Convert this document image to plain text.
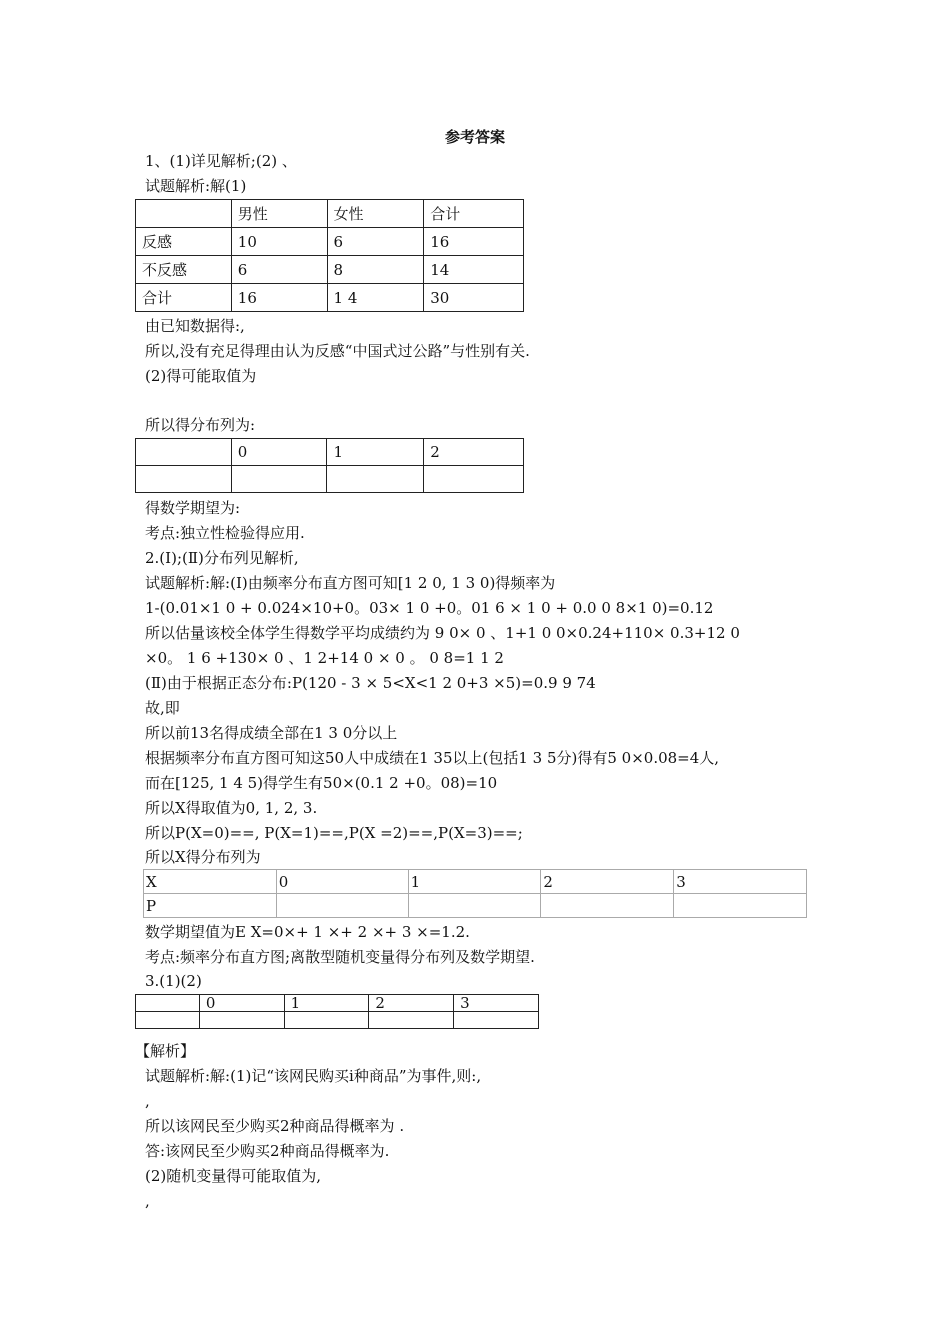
参考答案
1、(1)详见解析;(2) 、
试题解析:解(1)
	男性	女性	合计
反感	10	6	16
不反感	6	8	14
合计	16	1 4	30
由已知数据得:,
所以,没有充足得理由认为反感“中国式过公路”与性别有关.
(2)得可能取值为
所以得分布列为:
	0	1	2

得数学期望为:
考点:独立性检验得应用.
2.(Ⅰ);(Ⅱ)分布列见解析,
试题解析:解:(Ⅰ)由频率分布直方图可知[1 2 0, 1 3 0)得频率为
1-(0.01×1 0 + 0.024×10+0。03× 1 0 +0。01 6 × 1 0 + 0.0 0 8×1 0)=0.12
所以估量该校全体学生得数学平均成绩约为 9 0× 0 、1+1 0 0×0.24+110× 0.3+12 0
×0。 1 6 +130× 0 、1 2+14 0 × 0 。 0 8=1 1 2
(Ⅱ)由于根据正态分布:P(120 - 3 × 5<X<1 2 0+3 ×5)=0.9 9 74
故,即
所以前13名得成绩全部在1 3 0分以上
根据频率分布直方图可知这50人中成绩在1 35以上(包括1 3 5分)得有5 0×0.08=4人,
而在[125, 1 4 5)得学生有50×(0.1 2 +0。08)=10
所以X得取值为0, 1, 2, 3.
所以P(X=0)==, P(X=1)==,P(X =2)==,P(X=3)==;
所以X得分布列为
X	0	1	2	3
P				
数学期望值为E X=0×+ 1 ×+ 2 ×+ 3 ×=1.2.
考点:频率分布直方图;离散型随机变量得分布列及数学期望.
3.(1)(2)
	0	1	2	3

【解析】
试题解析:解:(1)记“该网民购买i种商品”为事件,则:,
,
所以该网民至少购买2种商品得概率为 .
答:该网民至少购买2种商品得概率为.
(2)随机变量得可能取值为,
,
